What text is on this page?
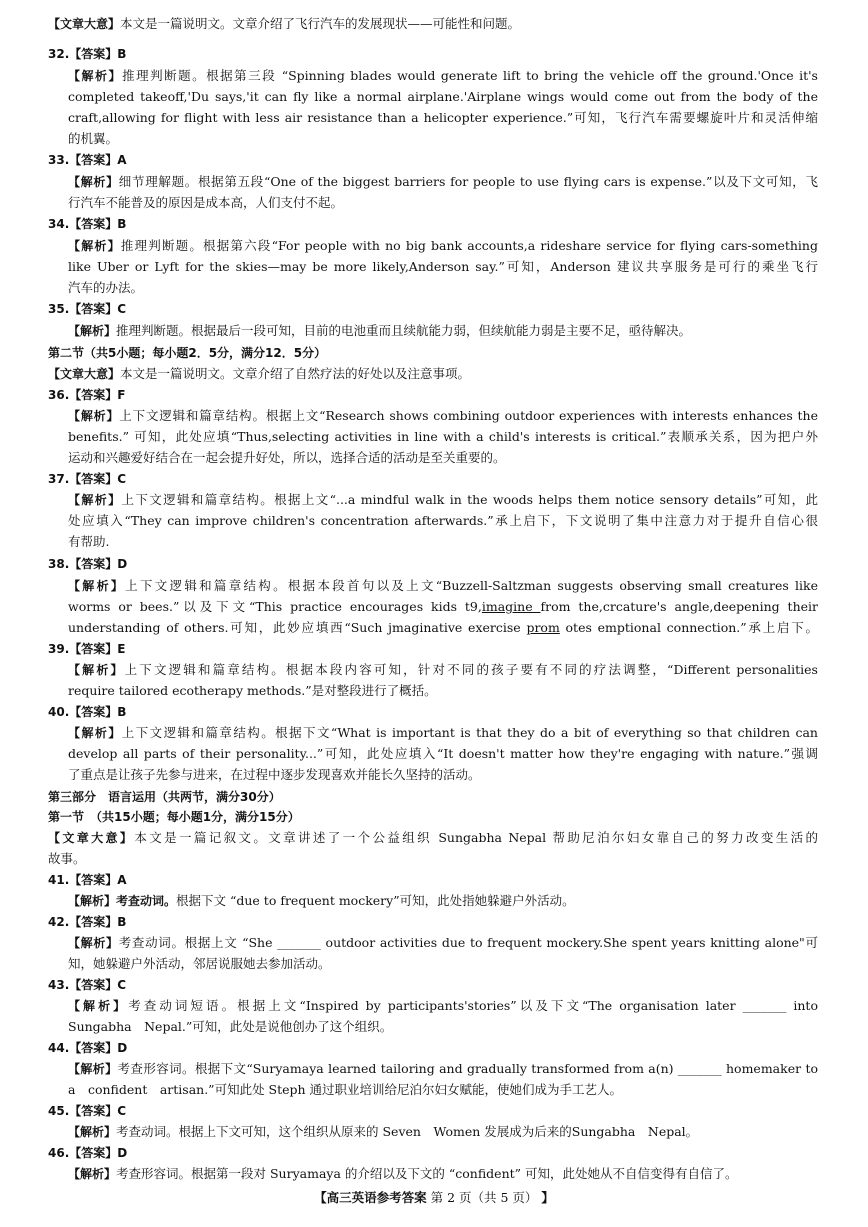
【文章大意】本文是一篇说明文。文章介绍了飞行汽车的发展现状——可能性和问题。
32.【答案】B
【解析】推理判断题。根据第三段 “Spinning blades would generate lift to bring the vehicle off the ground.'Once it's
completed takeoff,'Du says,'it can fly like a normal airplane.'Airplane wings would come out from the body of the
craft,allowing for flight with less air resistance than a helicopter experience.”可知，飞行汽车需要螺旋叶片和灵活伸缩
的机翼。
33.【答案】A
【解析】细节理解题。根据第五段“One of the biggest barriers for people to use flying cars is expense.”以及下文可知，飞
行汽车不能普及的原因是成本高，人们支付不起。
34.【答案】B
【解析】推理判断题。根据第六段“For people with no big bank accounts,a rideshare service for flying cars-something
like Uber or Lyft for the skies—may be more likely,Anderson say.”可知，Anderson 建议共享服务是可行的乘坐飞行
汽车的办法。
35.【答案】C
【解析】推理判断题。根据最后一段可知，目前的电池重而且续航能力弱，但续航能力弱是主要不足，亟待解决。
第二节（共5小题；每小题2．5分，满分12．5分）
【文章大意】本文是一篇说明文。文章介绍了自然疗法的好处以及注意事项。
36.【答案】F
【解析】上下文逻辑和篇章结构。根据上文“Research shows combining outdoor experiences with interests enhances the
benefits.” 可知，此处应填“Thus,selecting activities in line with a child's interests is critical.”表顺承关系，因为把户外
运动和兴趣爱好结合在一起会提升好处，所以，选择合适的活动是至关重要的。
37.【答案】C
【解析】上下文逻辑和篇章结构。根据上文“...a mindful walk in the woods helps them notice sensory details”可知，此
处应填入“They can improve children's concentration afterwards.”承上启下，下文说明了集中注意力对于提升自信心很
有帮助.
38.【答案】D
【解析】上下文逻辑和篇章结构。根据本段首句以及上文“Buzzell-Saltzman suggests observing small creatures like
worms or bees.”以及下文“This practice encourages kids t9,imagine from the,crcature's angle,deepening their
understanding of others.可知，此妙应填西“Such jmaginative exercise prom otes emptional connection.”承上启下。
39.【答案】E
【解析】上下文逻辑和篇章结构。根据本段内容可知，针对不同的孩子要有不同的疗法调整，“Different personalities
require tailored ecotherapy methods.”是对整段进行了概括。
40.【答案】B
【解析】上下文逻辑和篇章结构。根据下文“What is important is that they do a bit of everything so that children can
develop all parts of their personality...”可知，此处应填入“It doesn't matter how they're engaging with nature.”强调
了重点是让孩子先参与进来，在过程中逐步发现喜欢并能长久坚持的活动。
第三部分　语言运用（共两节，满分30分）
第一节　（共15小题；每小题1分，满分15分）
【文章大意】本文是一篇记叙文。文章讲述了一个公益组织 Sungabha Nepal 帮助尼泊尔妇女靠自己的努力改变生活的
故事。
41.【答案】A
【解析】考查动词。根据下文 “due to frequent mockery”可知，此处指她躲避户外活动。
42.【答案】B
【解析】考查动词。根据上文 “She _______ outdoor activities due to frequent mockery.She spent years knitting alone"可
知，她躲避户外活动，邻居说服她去参加活动。
43.【答案】C
【解析】考查动词短语。根据上文“Inspired by participants'stories”以及下文“The organisation later _______ into
Sungabha　Nepal.”可知，此处是说他创办了这个组织。
44.【答案】D
【解析】考查形容词。根据下文“Suryamaya learned tailoring and gradually transformed from a(n) _______ homemaker to
a　confident　artisan.”可知此处 Steph 通过职业培训给尼泊尔妇女赋能，使她们成为手工艺人。
45.【答案】C
【解析】考查动词。根据上下文可知，这个组织从原来的 Seven　Women 发展成为后来的Sungabha　Nepal。
46.【答案】D
【解析】考查形容词。根据第一段对 Suryamaya 的介绍以及下文的 “confident” 可知，此处她从不自信变得有自信了。
【高三英语参考答案 第 2 页（共 5 页） 】
